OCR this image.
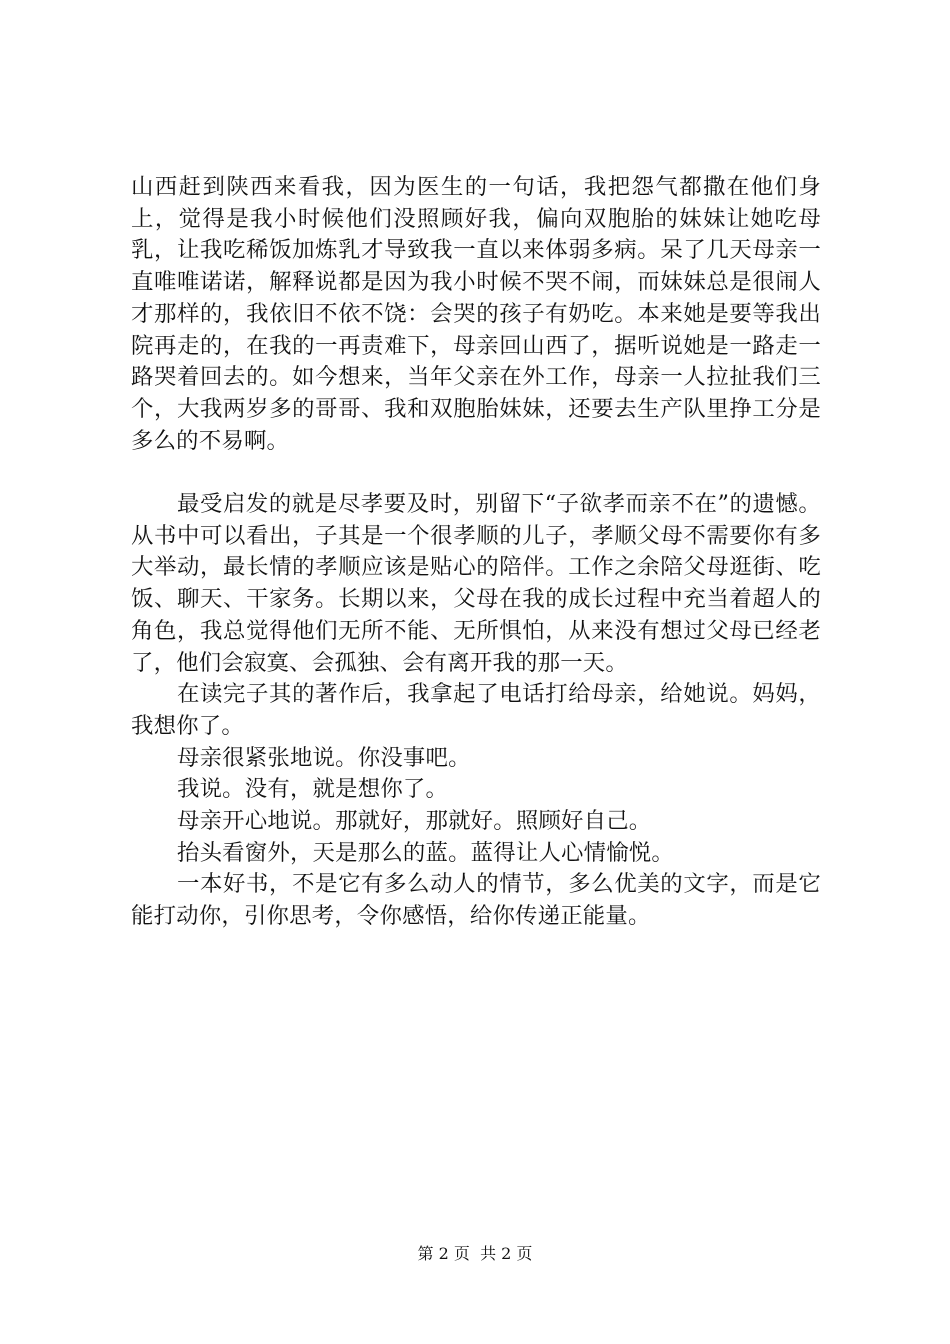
山西赶到陕西来看我，因为医生的一句话，我把怨气都撒在他们身上，觉得是我小时候他们没照顾好我，偏向双胞胎的妹妹让她吃母乳，让我吃稀饭加炼乳才导致我一直以来体弱多病。呆了几天母亲一直唯唯诺诺，解释说都是因为我小时候不哭不闹，而妹妹总是很闹人才那样的，我依旧不依不饶：会哭的孩子有奶吃。本来她是要等我出院再走的，在我的一再责难下，母亲回山西了，据听说她是一路走一路哭着回去的。如今想来，当年父亲在外工作，母亲一人拉扯我们三个，大我两岁多的哥哥、我和双胞胎妹妹，还要去生产队里挣工分是多么的不易啊。

最受启发的就是尽孝要及时，别留下“子欲孝而亲不在”的遗憾。从书中可以看出，子其是一个很孝顺的儿子，孝顺父母不需要你有多大举动，最长情的孝顺应该是贴心的陪伴。工作之余陪父母逛街、吃饭、聊天、干家务。长期以来，父母在我的成长过程中充当着超人的角色，我总觉得他们无所不能、无所惧怕，从来没有想过父母已经老了，他们会寂寞、会孤独、会有离开我的那一天。

在读完子其的著作后，我拿起了电话打给母亲，给她说。妈妈，我想你了。

母亲很紧张地说。你没事吧。

我说。没有，就是想你了。

母亲开心地说。那就好，那就好。照顾好自己。

抬头看窗外，天是那么的蓝。蓝得让人心情愉悦。

一本好书，不是它有多么动人的情节，多么优美的文字，而是它能打动你，引你思考，令你感悟，给你传递正能量。

第 2 页  共 2 页
